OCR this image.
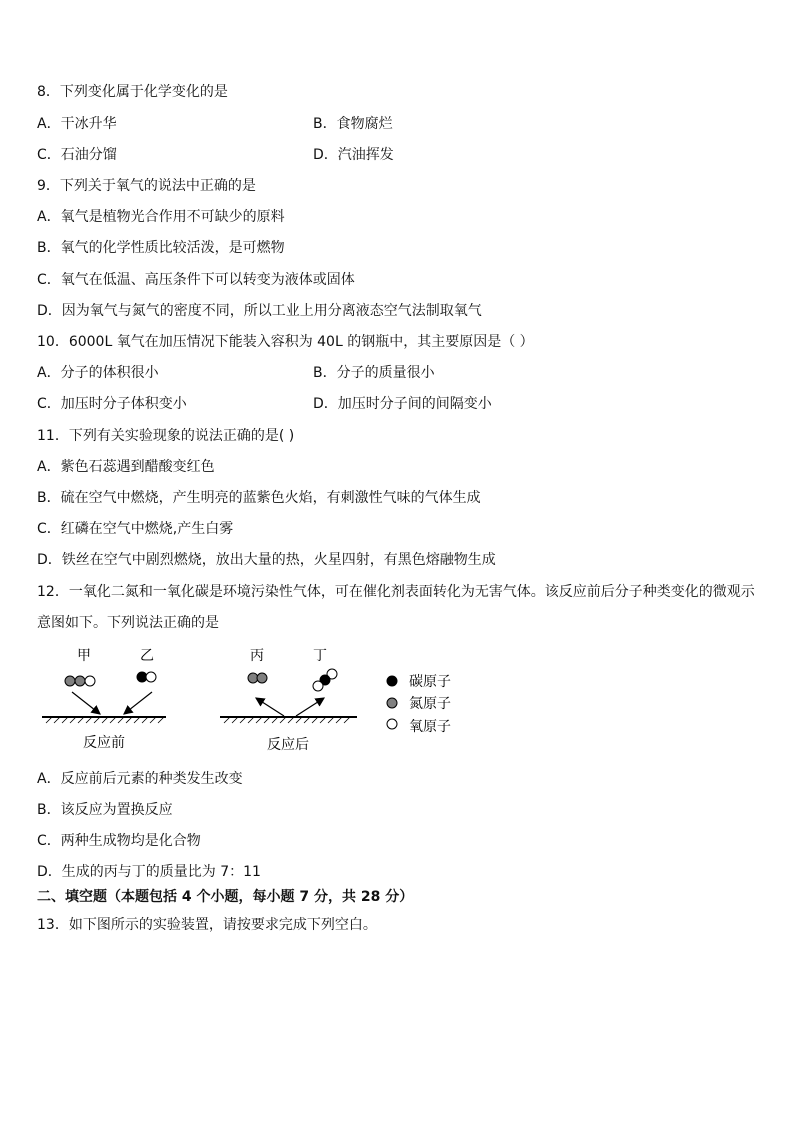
8．下列变化属于化学变化的是
A．干冰升华	B．食物腐烂
C．石油分馏	D．汽油挥发
9．下列关于氧气的说法中正确的是
A．氧气是植物光合作用不可缺少的原料
B．氧气的化学性质比较活泼，是可燃物
C．氧气在低温、高压条件下可以转变为液体或固体
D．因为氧气与氮气的密度不同，所以工业上用分离液态空气法制取氧气
10．6000L 氧气在加压情况下能装入容积为 40L 的钢瓶中，其主要原因是（ ）
A．分子的体积很小	B．分子的质量很小
C．加压时分子体积变小	D．加压时分子间的间隔变小
11．下列有关实验现象的说法正确的是( )
A．紫色石蕊遇到醋酸变红色
B．硫在空气中燃烧，产生明亮的蓝紫色火焰，有刺激性气味的气体生成
C．红磷在空气中燃烧,产生白雾
D．铁丝在空气中剧烈燃烧，放出大量的热，火星四射，有黑色熔融物生成
12．一氧化二氮和一氧化碳是环境污染性气体，可在催化剂表面转化为无害气体。该反应前后分子种类变化的微观示
意图如下。下列说法正确的是
甲	乙	丙	丁
反应前	反应后
碳原子
氮原子
氧原子
A．反应前后元素的种类发生改变
B．该反应为置换反应
C．两种生成物均是化合物
D．生成的丙与丁的质量比为 7：11
二、填空题（本题包括 4 个小题，每小题 7 分，共 28 分）
13．如下图所示的实验装置，请按要求完成下列空白。
